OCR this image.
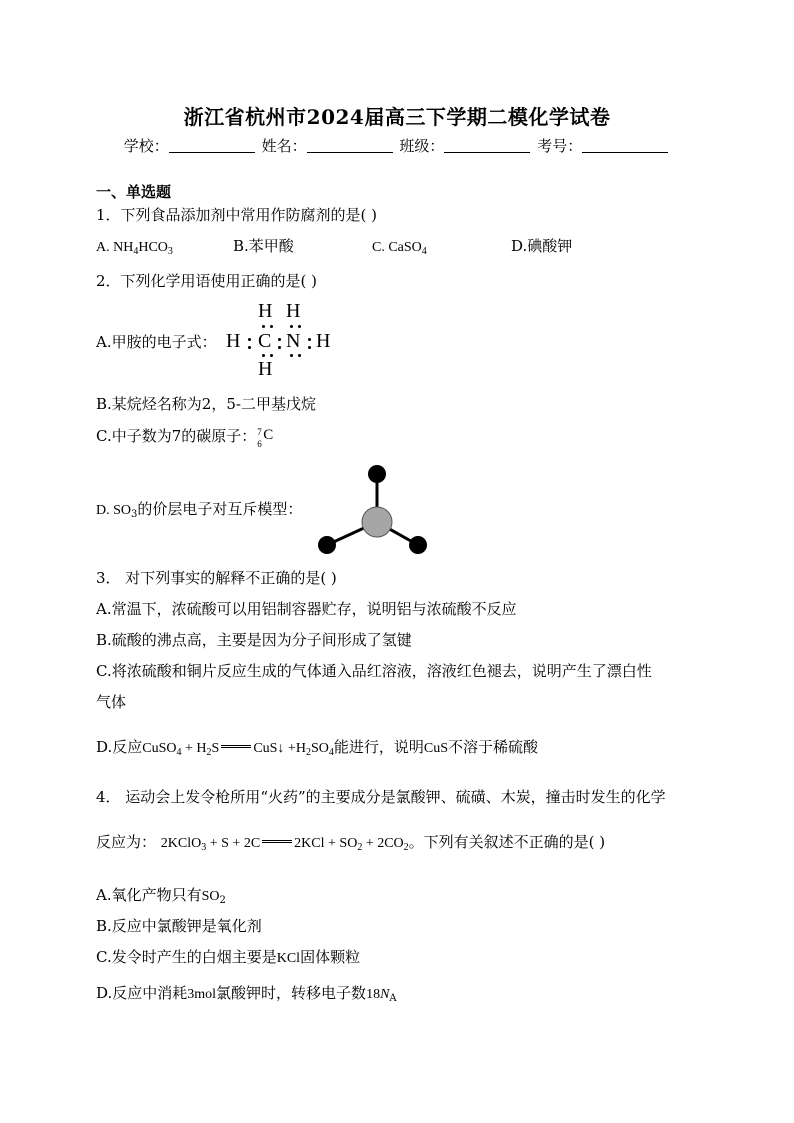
浙江省杭州市2024届高三下学期二模化学试卷
学校：	姓名：	班级：	考号：
一、单选题
1．下列食品添加剂中常用作防腐剂的是( )
A. $NH_4HCO_3$	B.苯甲酸	C. CaSO$_4$	D.碘酸钾
2．下列化学用语使用正确的是( )
A.甲胺的电子式：
H H
H C N H
H
B.某烷烃名称为2，5-二甲基戊烷
C.中子数为7的碳原子： 7
6
C
D. $SO_3$的价层电子对互斥模型：
3． 对下列事实的解释不正确的是( )
A.常温下，浓硫酸可以用铝制容器贮存，说明铝与浓硫酸不反应
B.硫酸的沸点高，主要是因为分子间形成了氢键
C.将浓硫酸和铜片反应生成的气体通入品红溶液，溶液红色褪去，说明产生了漂白性
气体
D.反应CuSO$_4$ + $H_2S$ CuS↓ $+H_2SO_4$能进行，说明CuS不溶于稀硫酸
4． 运动会上发令枪所用“火药”的主要成分是氯酸钾、硫磺、木炭，撞击时发生的化学
反应为： 2KClO$_3$ + S + 2C $2KCl + SO_2 + 2CO_2$。下列有关叙述不正确的是( )
A.氧化产物只有$SO_2$
B.反应中氯酸钾是氧化剂
C.发令时产生的白烟主要是KCl固体颗粒
D.反应中消耗3mol氯酸钾时，转移电子数$18N_A$
